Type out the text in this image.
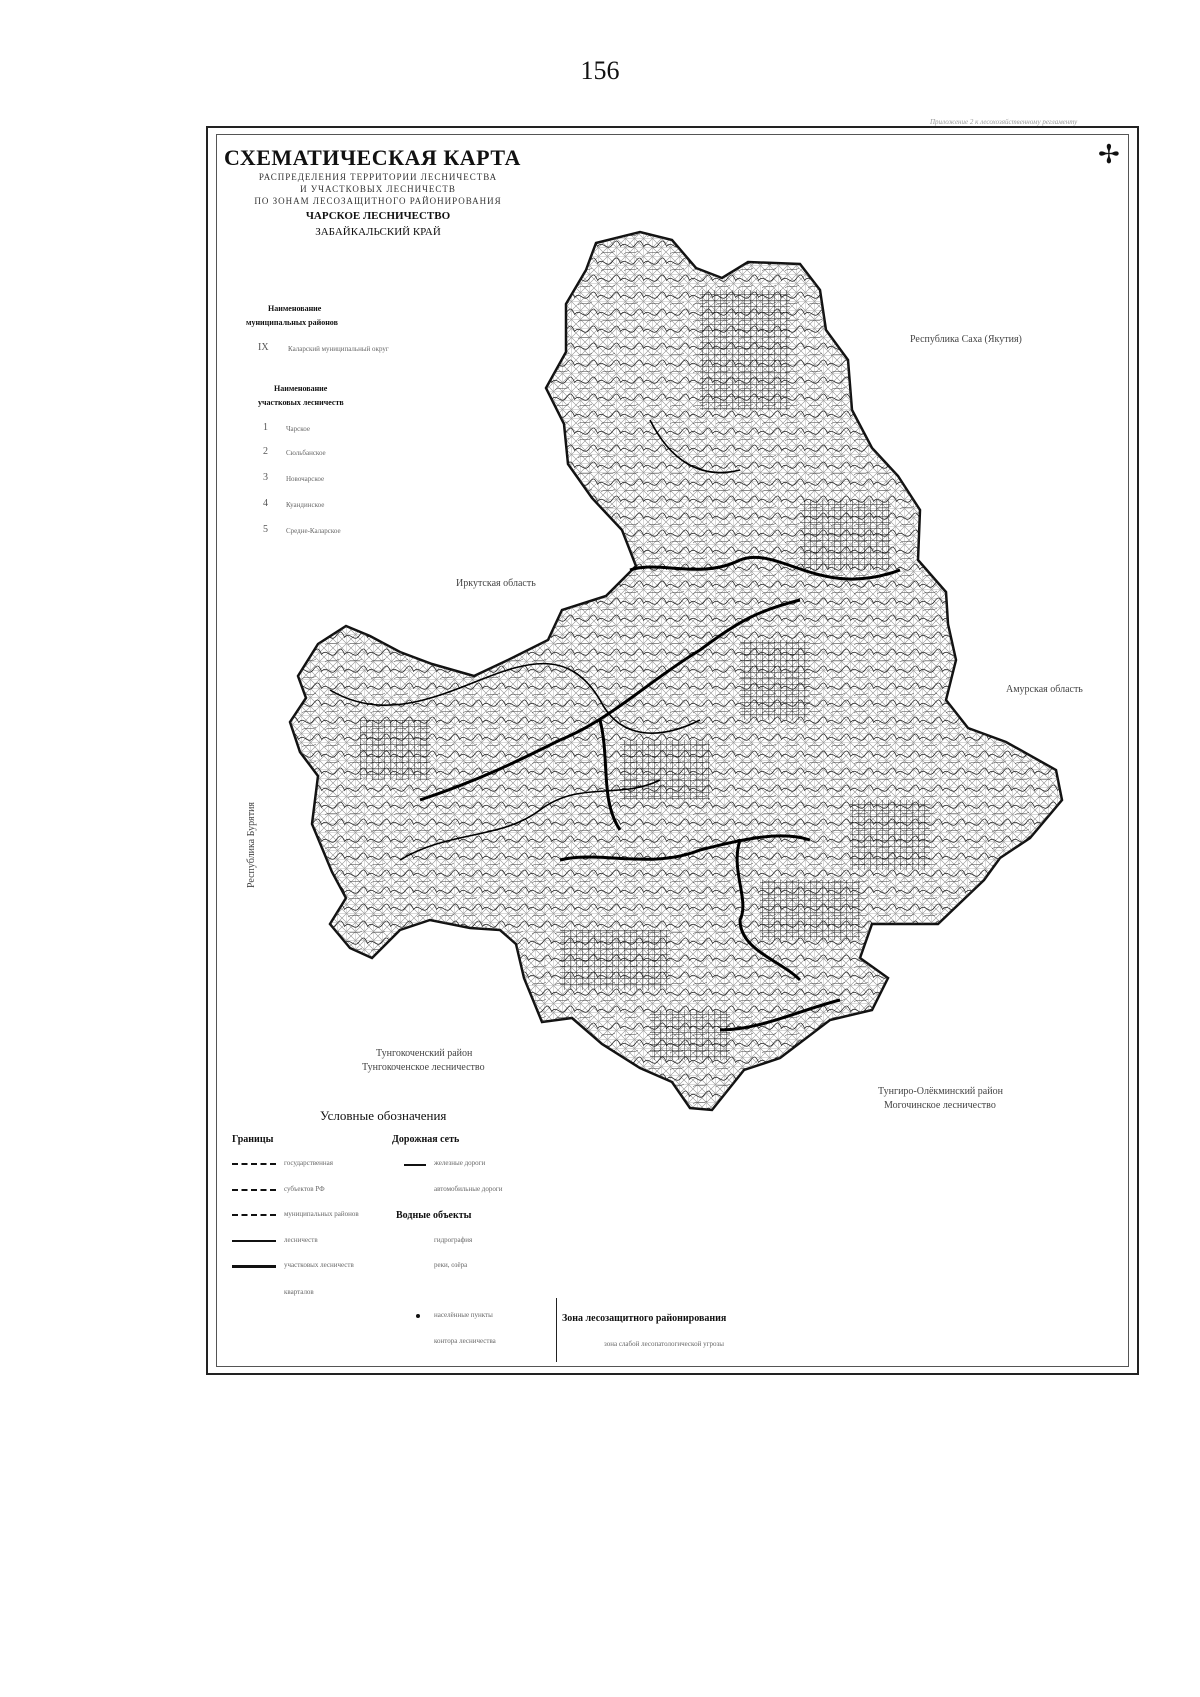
156
Приложение 2 к лесохозяйственному регламенту
СХЕМАТИЧЕСКАЯ КАРТА
РАСПРЕДЕЛЕНИЯ ТЕРРИТОРИИ ЛЕСНИЧЕСТВА
И УЧАСТКОВЫХ ЛЕСНИЧЕСТВ
ПО ЗОНАМ ЛЕСОЗАЩИТНОГО РАЙОНИРОВАНИЯ
ЧАРСКОЕ ЛЕСНИЧЕСТВО
ЗАБАЙКАЛЬСКИЙ КРАЙ
✢
Наименование
муниципальных районов
IX	Каларский муниципальный округ
Наименование
участковых лесничеств
1	Чарское
2	Сюльбанское
3	Новочарское
4	Куандинское
5	Средне-Каларское
Республика Саха (Якутия)
Иркутская область
Амурская область
Республика Бурятия
Тунгокоченский район
Тунгокоченское лесничество
Тунгиро-Олёкминский район
Могочинское лесничество
Условные обозначения
Границы
государственная
субъектов РФ
муниципальных районов
лесничеств
участковых лесничеств
кварталов
Дорожная сеть
железные дороги
автомобильные дороги
Водные объекты
гидрография
реки, озёра
населённые пункты
контора лесничества
Зона лесозащитного районирования
зона слабой лесопатологической угрозы
